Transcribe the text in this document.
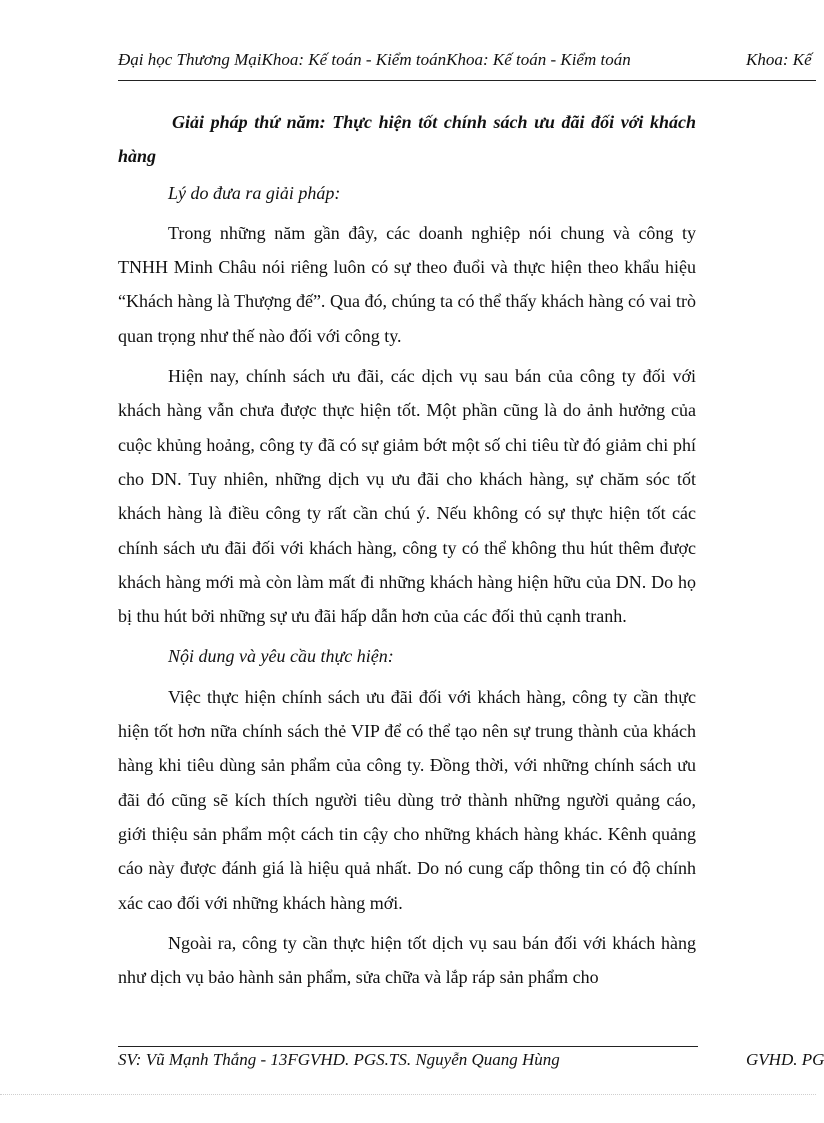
Đại học Thương MạiKhoa: Kế toán - Kiểm toánKhoa: Kế toán - Kiểm toán	Khoa: Kế

Giải pháp thứ năm: Thực hiện tốt chính sách ưu đãi đối với khách hàng

Lý do đưa ra giải pháp:

Trong những năm gần đây, các doanh nghiệp nói chung và công ty TNHH Minh Châu nói riêng luôn có sự theo đuổi và thực hiện theo khẩu hiệu “Khách hàng là Thượng đế”. Qua đó, chúng ta có thể thấy khách hàng có vai trò quan trọng như thế nào đối với công ty.

Hiện nay, chính sách ưu đãi, các dịch vụ sau bán của công ty đối với khách hàng vẫn chưa được thực hiện tốt. Một phần cũng là do ảnh hưởng của cuộc khủng hoảng, công ty đã có sự giảm bớt một số chi tiêu từ đó giảm chi phí cho DN. Tuy nhiên, những dịch vụ ưu đãi cho khách hàng, sự chăm sóc tốt khách hàng là điều công ty rất cần chú ý. Nếu không có sự thực hiện tốt các chính sách ưu đãi đối với khách hàng, công ty có thể không thu hút thêm được khách hàng mới mà còn làm mất đi những khách hàng hiện hữu của DN. Do họ bị thu hút bởi những sự ưu đãi hấp dẫn hơn của các đối thủ cạnh tranh.

Nội dung và yêu cầu thực hiện:

Việc thực hiện chính sách ưu đãi đối với khách hàng, công ty cần thực hiện tốt hơn nữa chính sách thẻ VIP để có thể tạo nên sự trung thành của khách hàng khi tiêu dùng sản phẩm của công ty. Đồng thời, với những chính sách ưu đãi đó cũng sẽ kích thích người tiêu dùng trở thành những người quảng cáo, giới thiệu sản phẩm một cách tin cậy cho những khách hàng khác. Kênh quảng cáo này được đánh giá là hiệu quả nhất. Do nó cung cấp thông tin có độ chính xác cao đối với những khách hàng mới.

Ngoài ra, công ty cần thực hiện tốt dịch vụ sau bán đối với khách hàng như dịch vụ bảo hành sản phẩm, sửa chữa và lắp ráp sản phẩm cho

SV: Vũ Mạnh Thắng - 13FGVHD. PGS.TS. Nguyễn Quang Hùng	GVHD. PG
